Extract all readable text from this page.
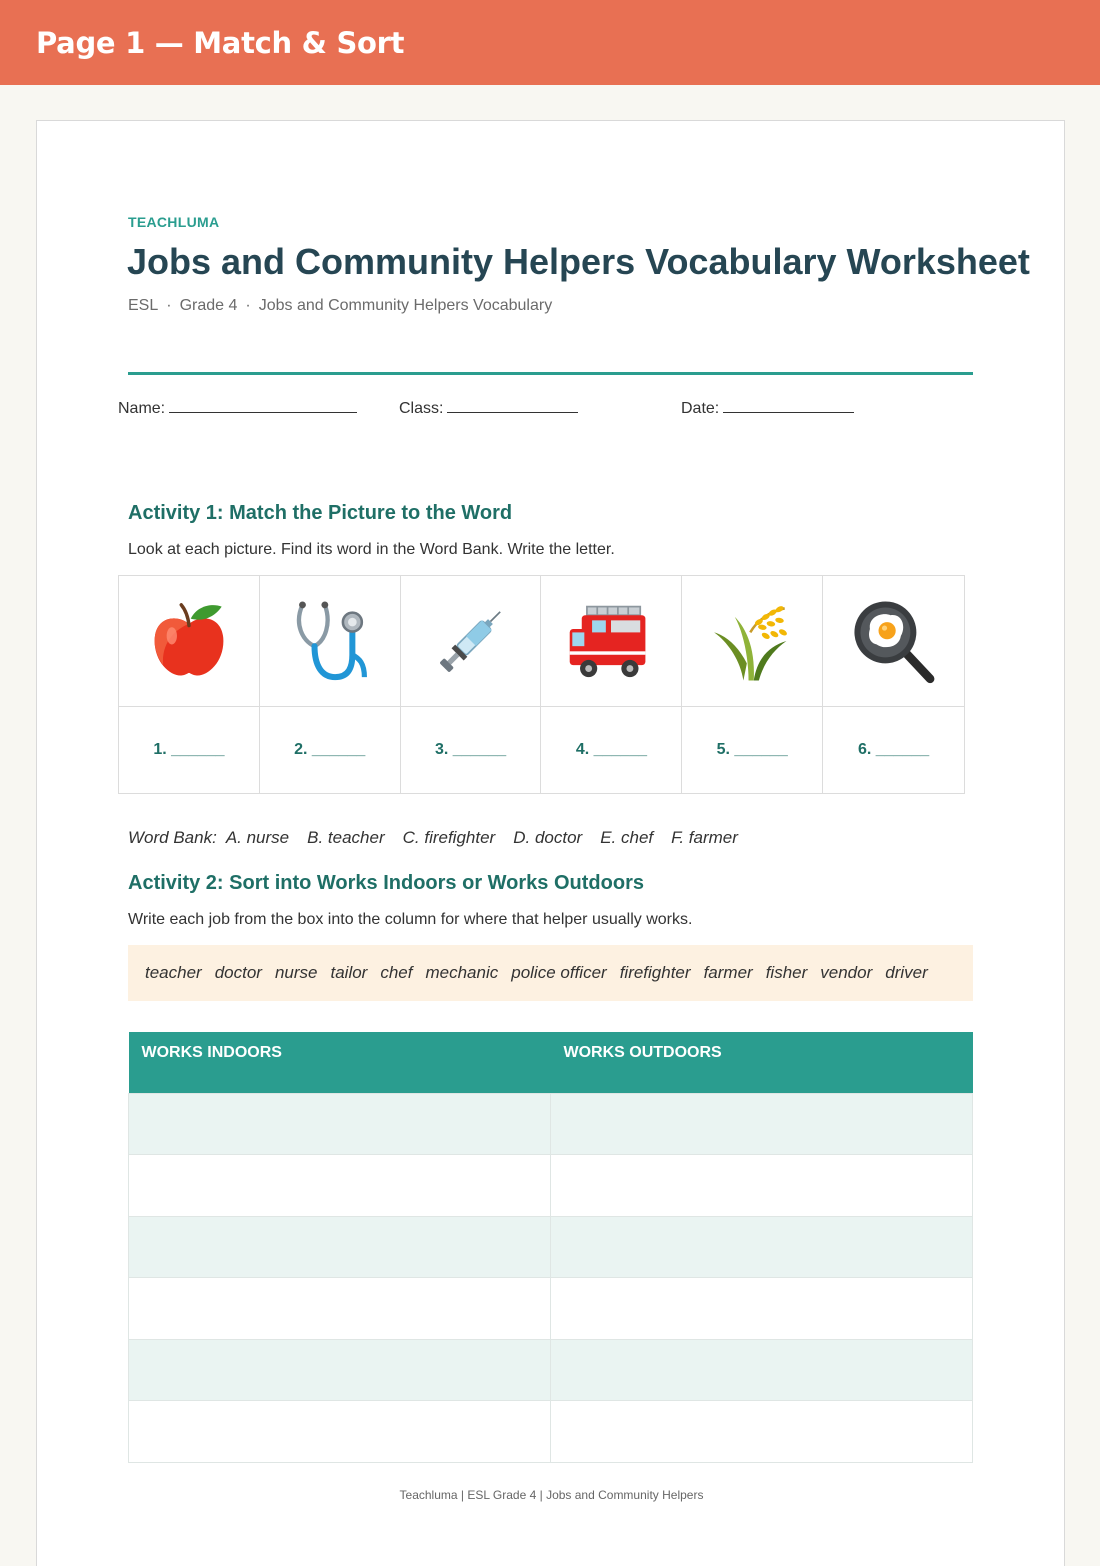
Page 1 — Match & Sort
TEACHLUMA
Jobs and Community Helpers Vocabulary Worksheet
ESL · Grade 4 · Jobs and Community Helpers Vocabulary
Name:	Class:	Date:
Activity 1: Match the Picture to the Word
Look at each picture. Find its word in the Word Bank. Write the letter.
1. ______	2. ______	3. ______	4. ______	5. ______	6. ______
Word Bank: A. nurse B. teacher C. firefighter D. doctor E. chef F. farmer
Activity 2: Sort into Works Indoors or Works Outdoors
Write each job from the box into the column for where that helper usually works.
teacher doctor nurse tailor chef mechanic police officer firefighter farmer fisher vendor driver
WORKS INDOORS	WORKS OUTDOORS

Teachluma | ESL Grade 4 | Jobs and Community Helpers
